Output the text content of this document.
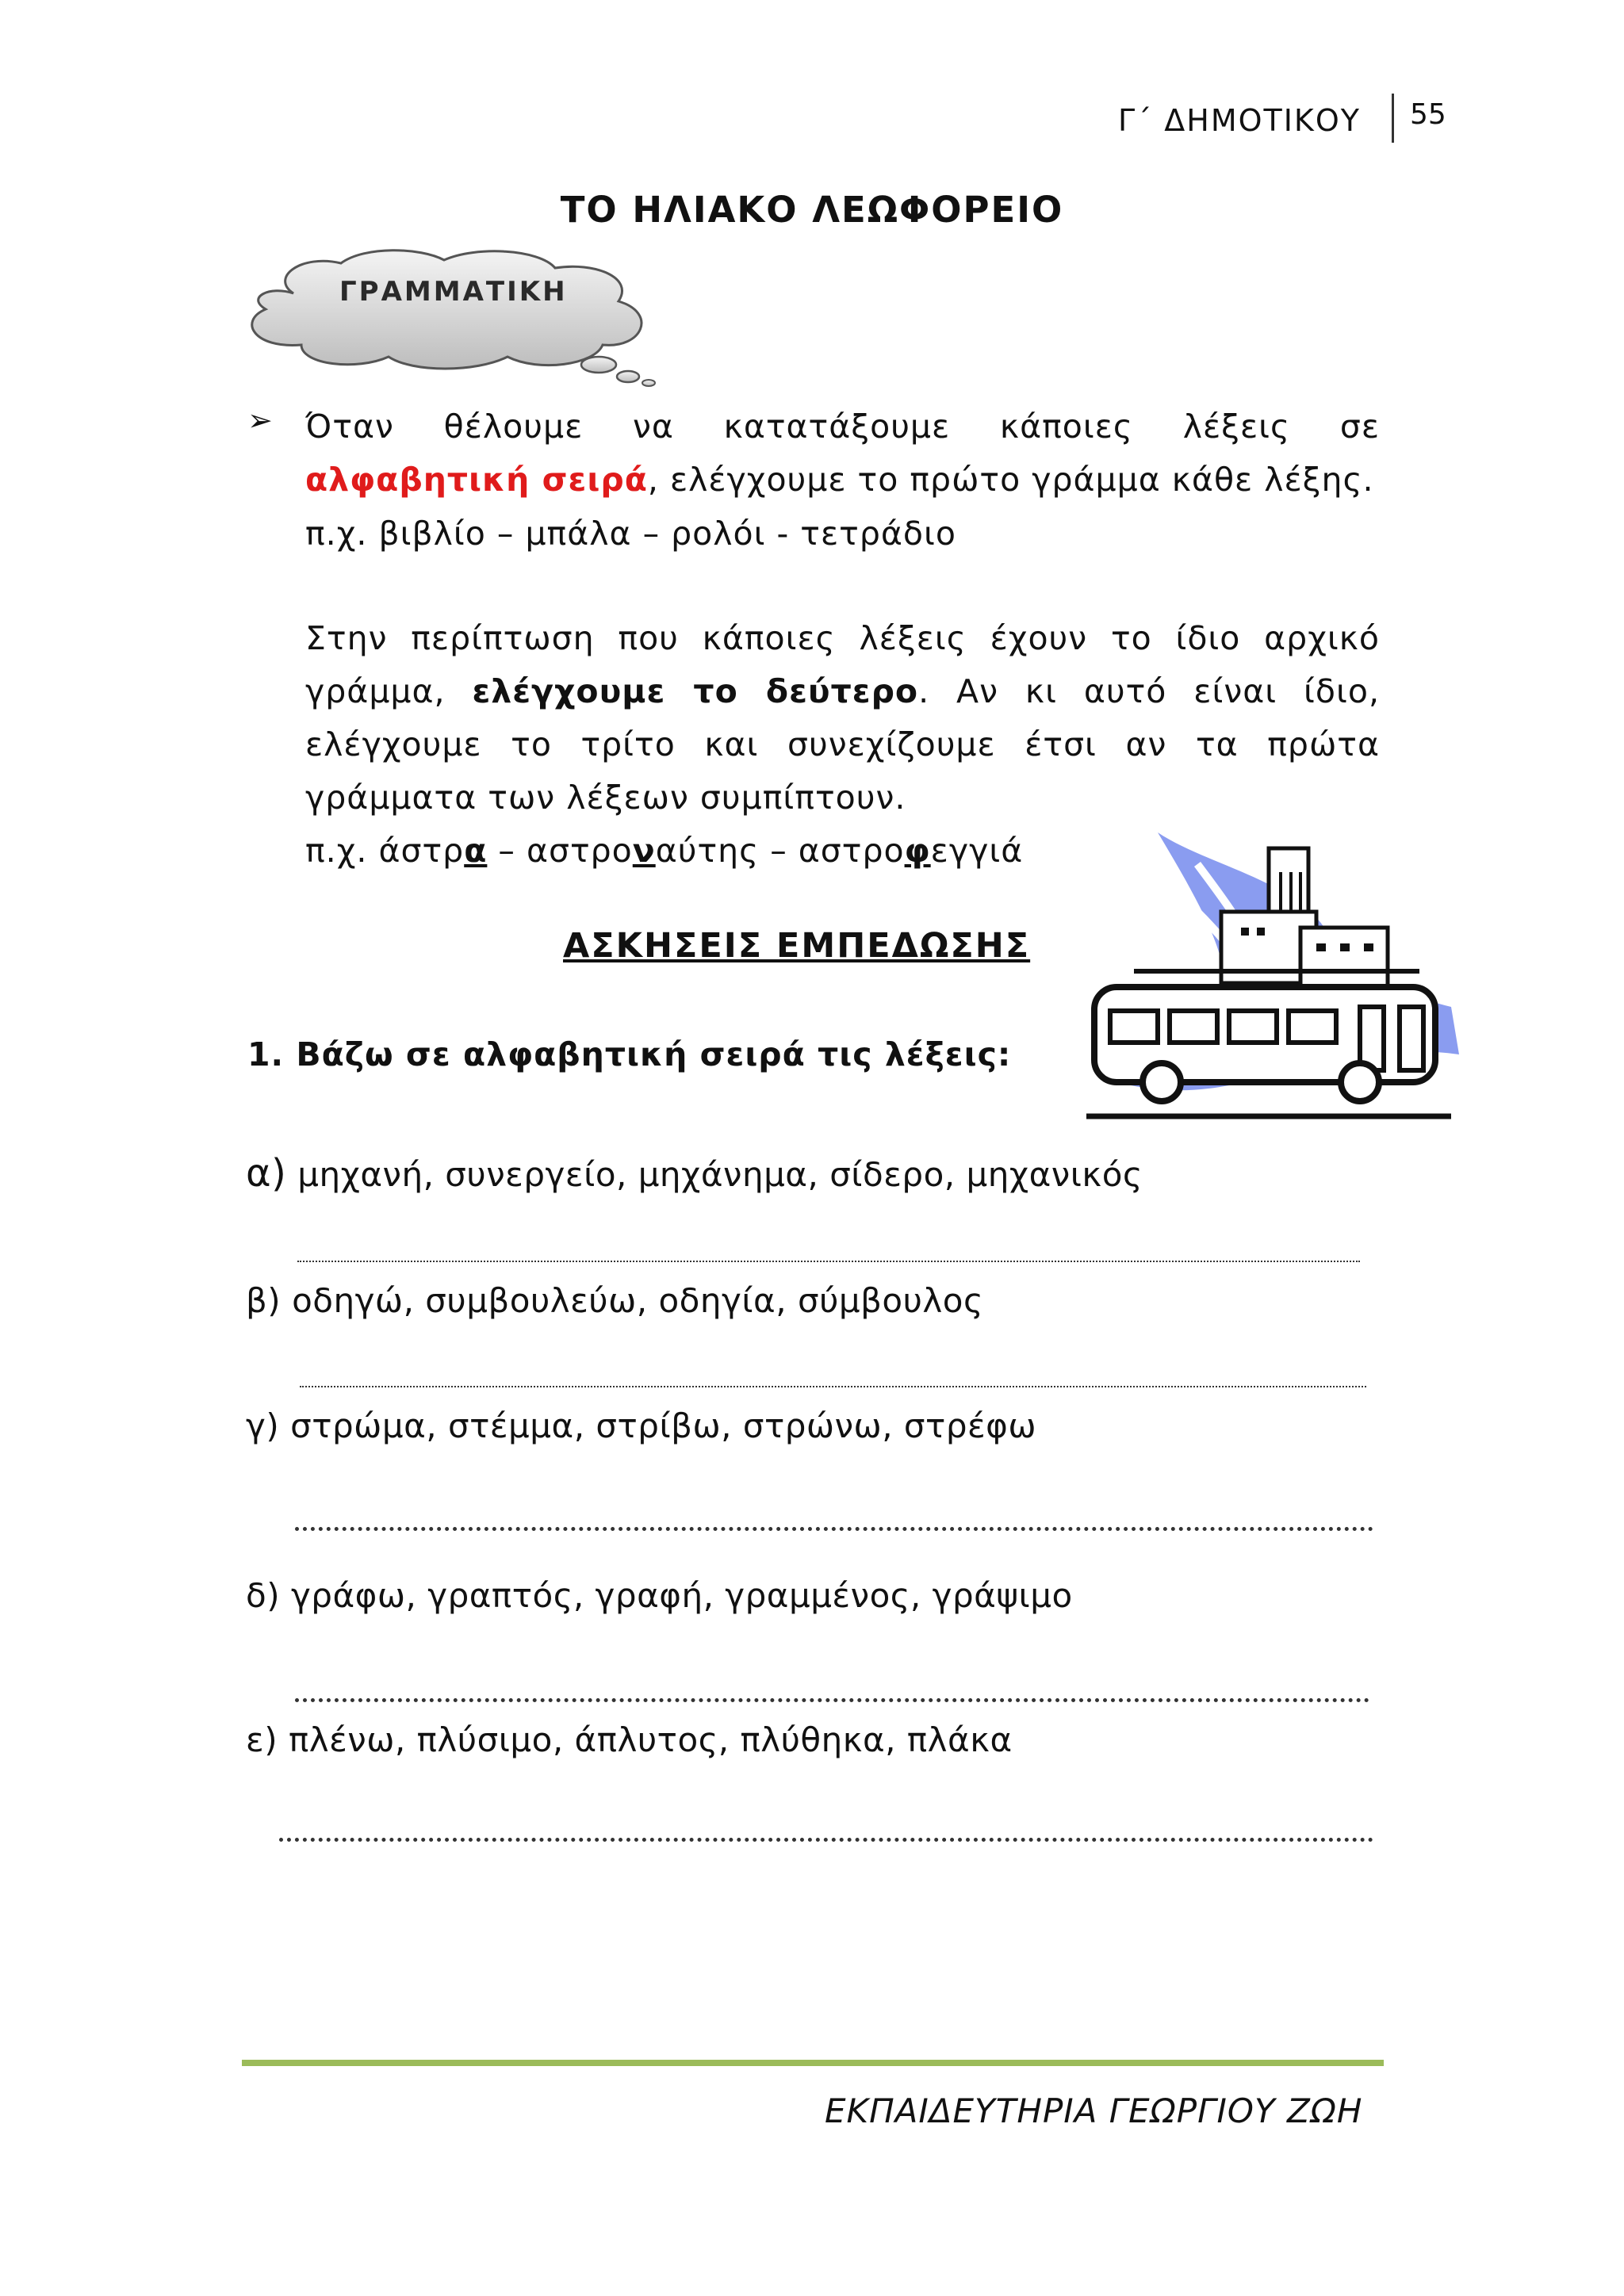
Γ΄ ΔΗΜΟΤΙΚΟΥ 55
ΤΟ ΗΛΙΑΚΟ ΛΕΩΦΟΡΕΙΟ
ΓΡΑΜΜΑΤΙΚΗ
➢ Όταν θέλουμε να κατατάξουμε κάποιες λέξεις σε αλφαβητική σειρά, ελέγχουμε το πρώτο γράμμα κάθε λέξης.
π.χ. βιβλίο – μπάλα – ρολόι - τετράδιο
Στην περίπτωση που κάποιες λέξεις έχουν το ίδιο αρχικό γράμμα, ελέγχουμε το δεύτερο. Αν κι αυτό είναι ίδιο, ελέγχουμε το τρίτο και συνεχίζουμε έτσι αν τα πρώτα γράμματα των λέξεων συμπίπτουν.
π.χ. άστρα – αστροναύτης – αστροφεγγιά
ΑΣΚΗΣΕΙΣ ΕΜΠΕΔΩΣΗΣ
1. Βάζω σε αλφαβητική σειρά τις λέξεις:
α) μηχανή, συνεργείο, μηχάνημα, σίδερο, μηχανικός
β) οδηγώ, συμβουλεύω, οδηγία, σύμβουλος
γ) στρώμα, στέμμα, στρίβω, στρώνω, στρέφω
δ) γράφω, γραπτός, γραφή, γραμμένος, γράψιμο
ε) πλένω, πλύσιμο, άπλυτος, πλύθηκα, πλάκα
ΕΚΠΑΙΔΕΥΤΗΡΙΑ ΓΕΩΡΓΙΟΥ ΖΩΗ
